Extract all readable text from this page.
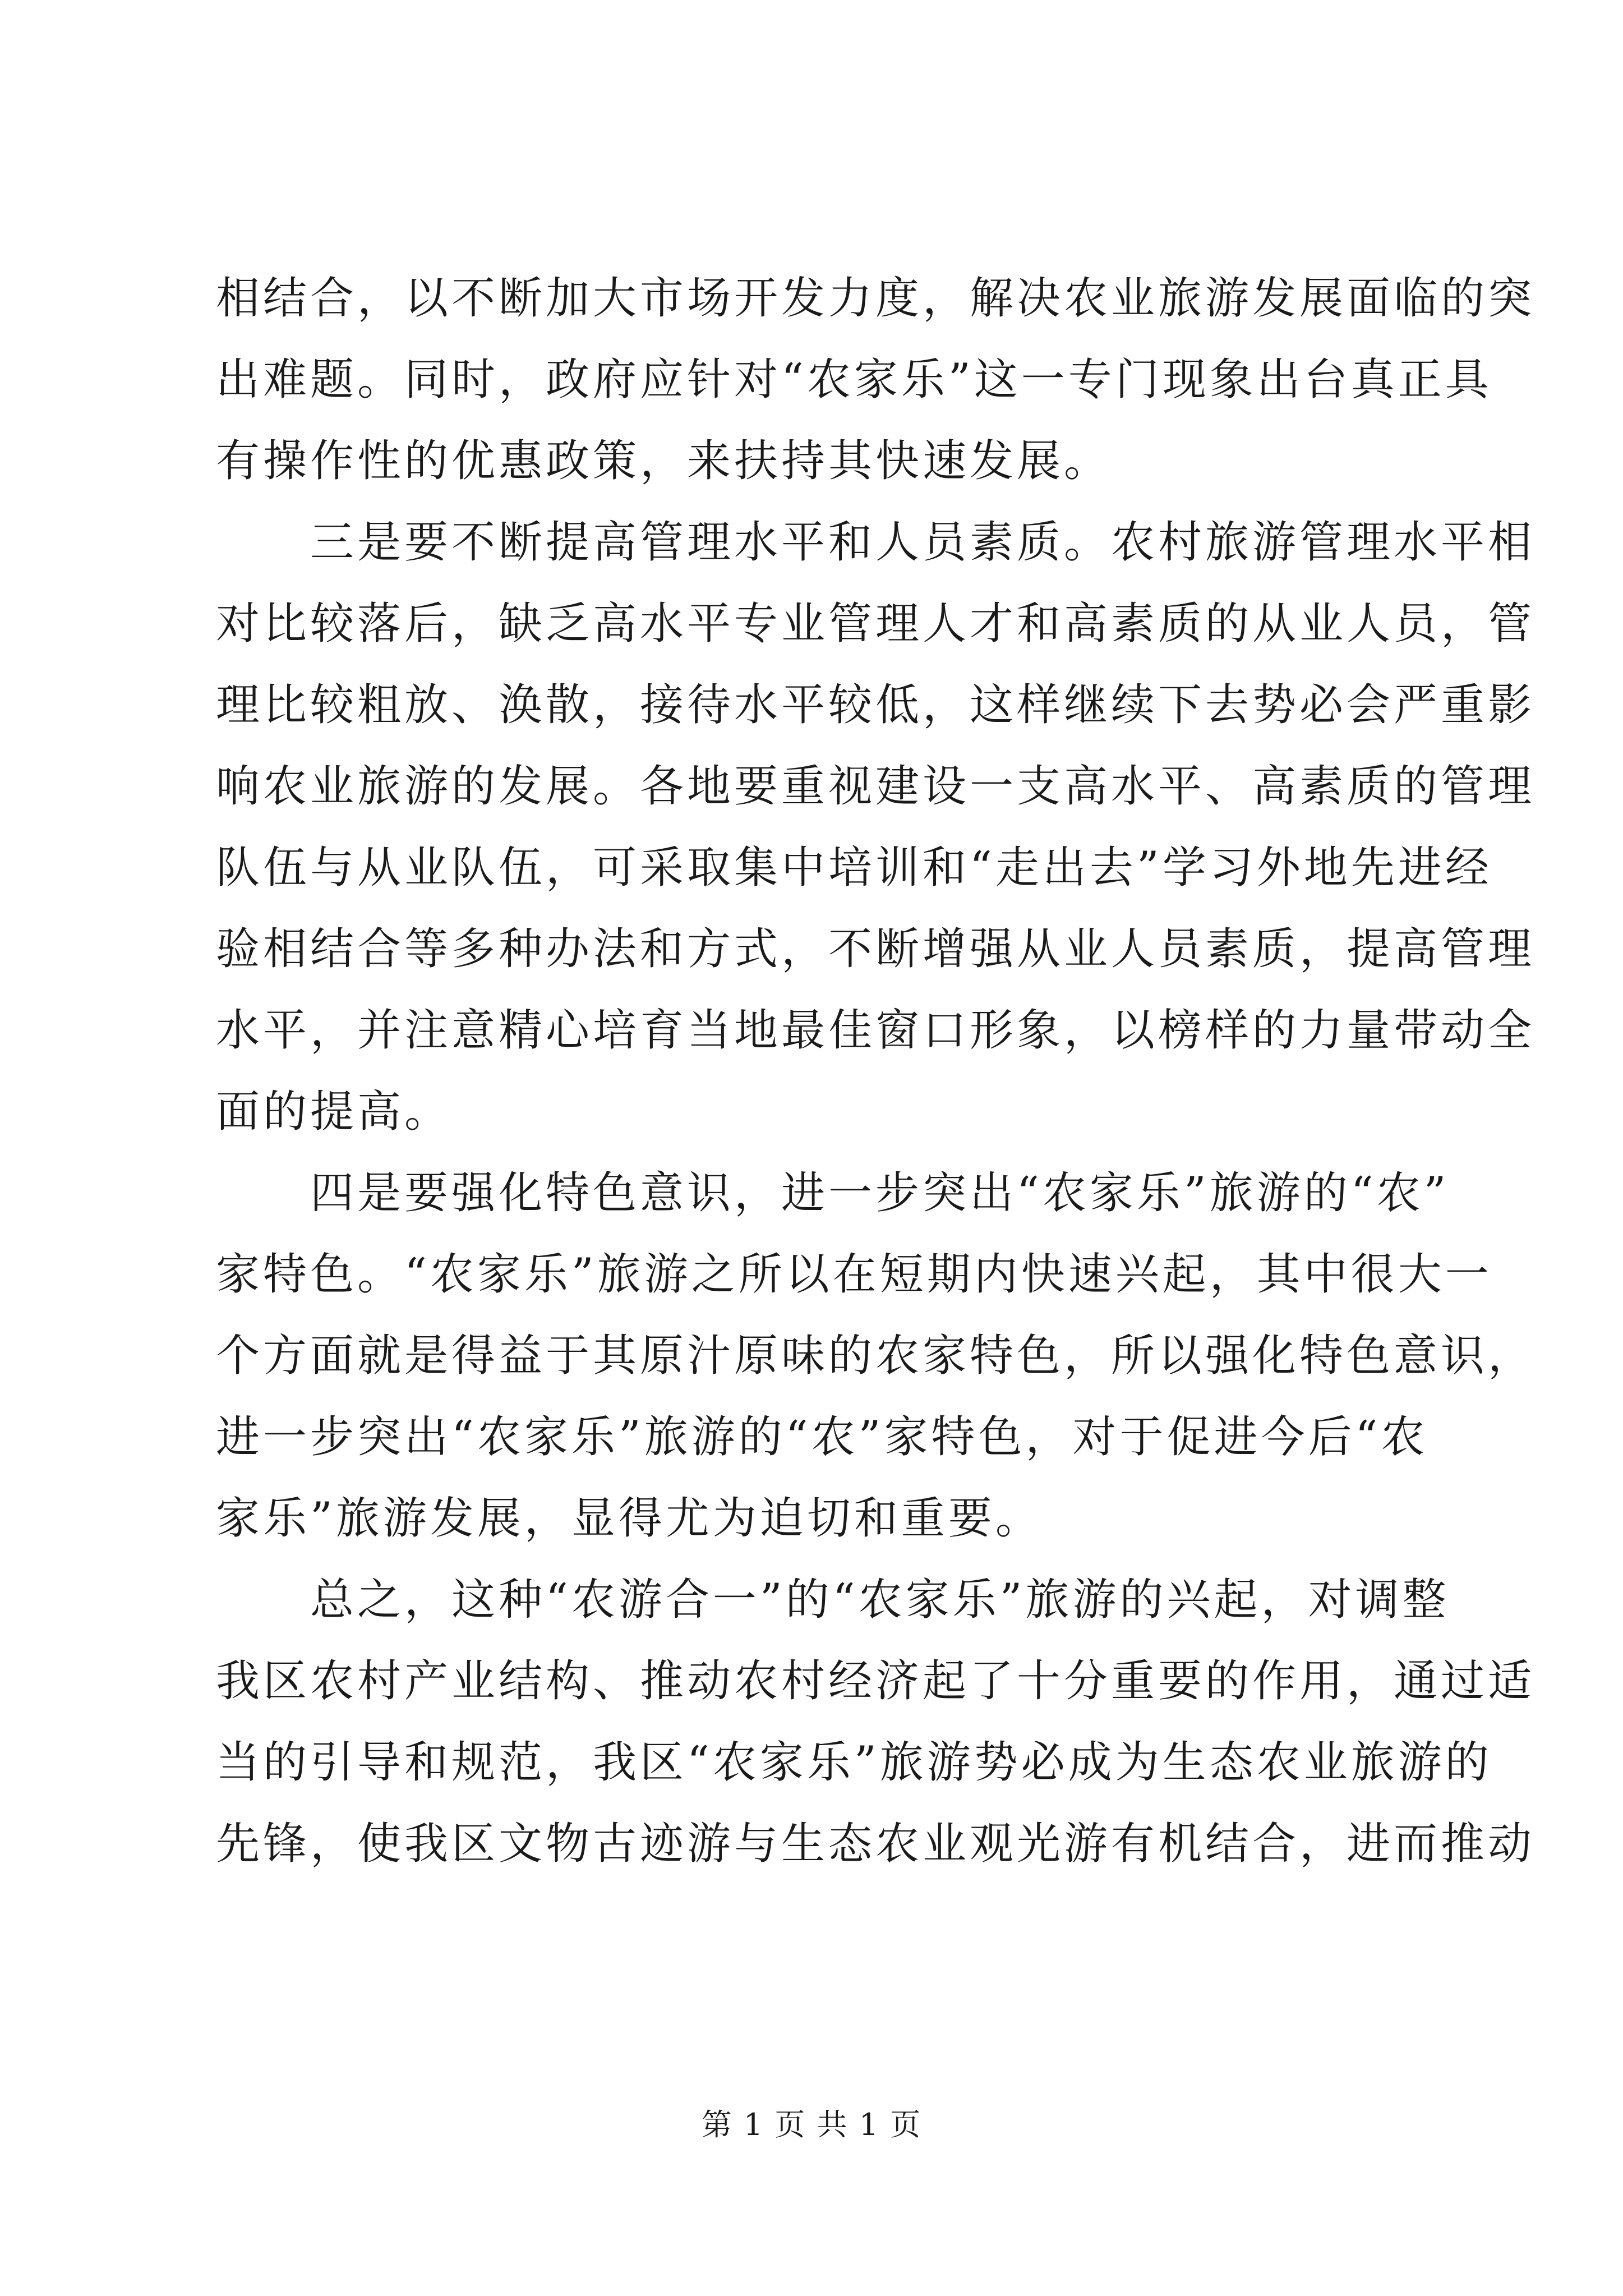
相结合，以不断加大市场开发力度，解决农业旅游发展面临的突
出难题。同时，政府应针对“农家乐”这一专门现象出台真正具
有操作性的优惠政策，来扶持其快速发展。
　　三是要不断提高管理水平和人员素质。农村旅游管理水平相
对比较落后，缺乏高水平专业管理人才和高素质的从业人员，管
理比较粗放、涣散，接待水平较低，这样继续下去势必会严重影
响农业旅游的发展。各地要重视建设一支高水平、高素质的管理
队伍与从业队伍，可采取集中培训和“走出去”学习外地先进经
验相结合等多种办法和方式，不断增强从业人员素质，提高管理
水平，并注意精心培育当地最佳窗口形象，以榜样的力量带动全
面的提高。
　　四是要强化特色意识，进一步突出“农家乐”旅游的“农”
家特色。“农家乐”旅游之所以在短期内快速兴起，其中很大一
个方面就是得益于其原汁原味的农家特色，所以强化特色意识，
进一步突出“农家乐”旅游的“农”家特色，对于促进今后“农
家乐”旅游发展，显得尤为迫切和重要。
　　总之，这种“农游合一”的“农家乐”旅游的兴起，对调整
我区农村产业结构、推动农村经济起了十分重要的作用，通过适
当的引导和规范，我区“农家乐”旅游势必成为生态农业旅游的
先锋，使我区文物古迹游与生态农业观光游有机结合，进而推动
第 1 页 共 1 页
